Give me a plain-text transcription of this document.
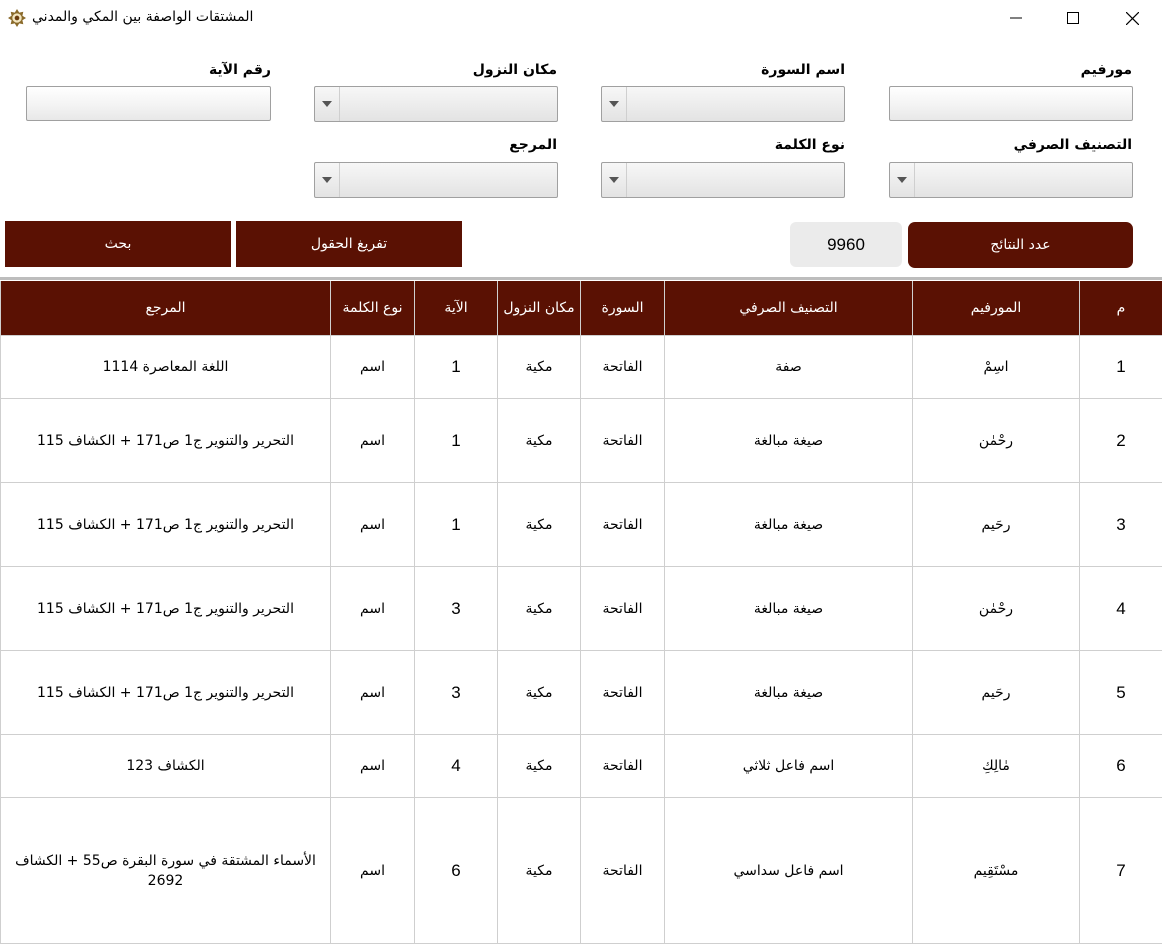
المشتقات الواصفة بين المكي والمدني
مورفيم
اسم السورة
مكان النزول
رقم الآية
التصنيف الصرفي
نوع الكلمة
المرجع
عدد النتائج
9960
تفريغ الحقول
بحث
م	المورفيم	التصنيف الصرفي	السورة	مكان النزول	الآية	نوع الكلمة	المرجع
1	اسِمْ	صفة	الفاتحة	مكية	1	اسم	اللغة المعاصرة 1114
2	رحْمٰن	صيغة مبالغة	الفاتحة	مكية	1	اسم	التحرير والتنوير ج1 ص171 + الكشاف 115
3	رحَيم	صيغة مبالغة	الفاتحة	مكية	1	اسم	التحرير والتنوير ج1 ص171 + الكشاف 115
4	رحْمٰن	صيغة مبالغة	الفاتحة	مكية	3	اسم	التحرير والتنوير ج1 ص171 + الكشاف 115
5	رحَيم	صيغة مبالغة	الفاتحة	مكية	3	اسم	التحرير والتنوير ج1 ص171 + الكشاف 115
6	مٰالِكِ	اسم فاعل ثلاثي	الفاتحة	مكية	4	اسم	الكشاف 123
7	مسْتَقِيم	اسم فاعل سداسي	الفاتحة	مكية	6	اسم	الأسماء المشتقة في سورة البقرة ص55 + الكشاف 2692
